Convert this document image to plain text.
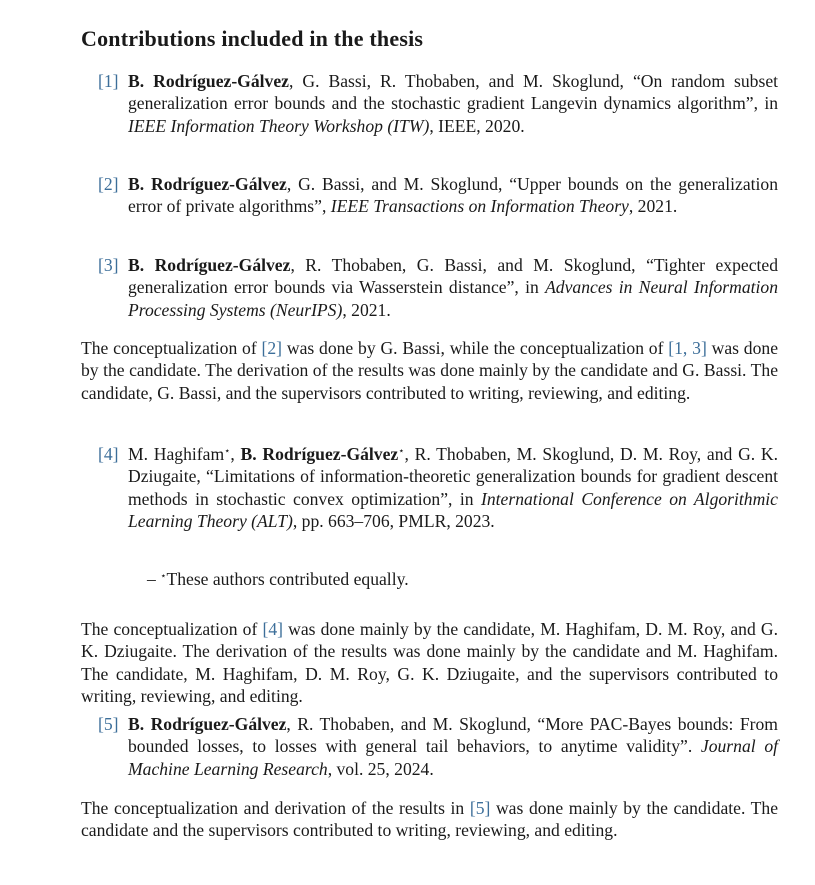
Contributions included in the thesis
[1] B. Rodríguez-Gálvez, G. Bassi, R. Thobaben, and M. Skoglund, “On random subset generalization error bounds and the stochastic gradient Langevin dynamics algorithm”, in IEEE Information Theory Workshop (ITW), IEEE, 2020.
[2] B. Rodríguez-Gálvez, G. Bassi, and M. Skoglund, “Upper bounds on the generalization error of private algorithms”, IEEE Transactions on Information Theory, 2021.
[3] B. Rodríguez-Gálvez, R. Thobaben, G. Bassi, and M. Skoglund, “Tighter expected generalization error bounds via Wasserstein distance”, in Advances in Neural Information Processing Systems (NeurIPS), 2021.

The conceptualization of [2] was done by G. Bassi, while the conceptualization of [1, 3] was done by the candidate. The derivation of the results was done mainly by the candidate and G. Bassi. The candidate, G. Bassi, and the supervisors contributed to writing, reviewing, and editing.

[4] M. Haghifam⋆, B. Rodríguez-Gálvez⋆, R. Thobaben, M. Skoglund, D. M. Roy, and G. K. Dziugaite, “Limitations of information-theoretic generalization bounds for gradient descent methods in stochastic convex optimization”, in International Conference on Algorithmic Learning Theory (ALT), pp. 663–706, PMLR, 2023.
– ⋆These authors contributed equally.

The conceptualization of [4] was done mainly by the candidate, M. Haghifam, D. M. Roy, and G. K. Dziugaite. The derivation of the results was done mainly by the candidate and M. Haghifam. The candidate, M. Haghifam, D. M. Roy, G. K. Dziugaite, and the supervisors contributed to writing, reviewing, and editing.

[5] B. Rodríguez-Gálvez, R. Thobaben, and M. Skoglund, “More PAC-Bayes bounds: From bounded losses, to losses with general tail behaviors, to anytime validity”. Journal of Machine Learning Research, vol. 25, 2024.

The conceptualization and derivation of the results in [5] was done mainly by the candidate. The candidate and the supervisors contributed to writing, reviewing, and editing.
